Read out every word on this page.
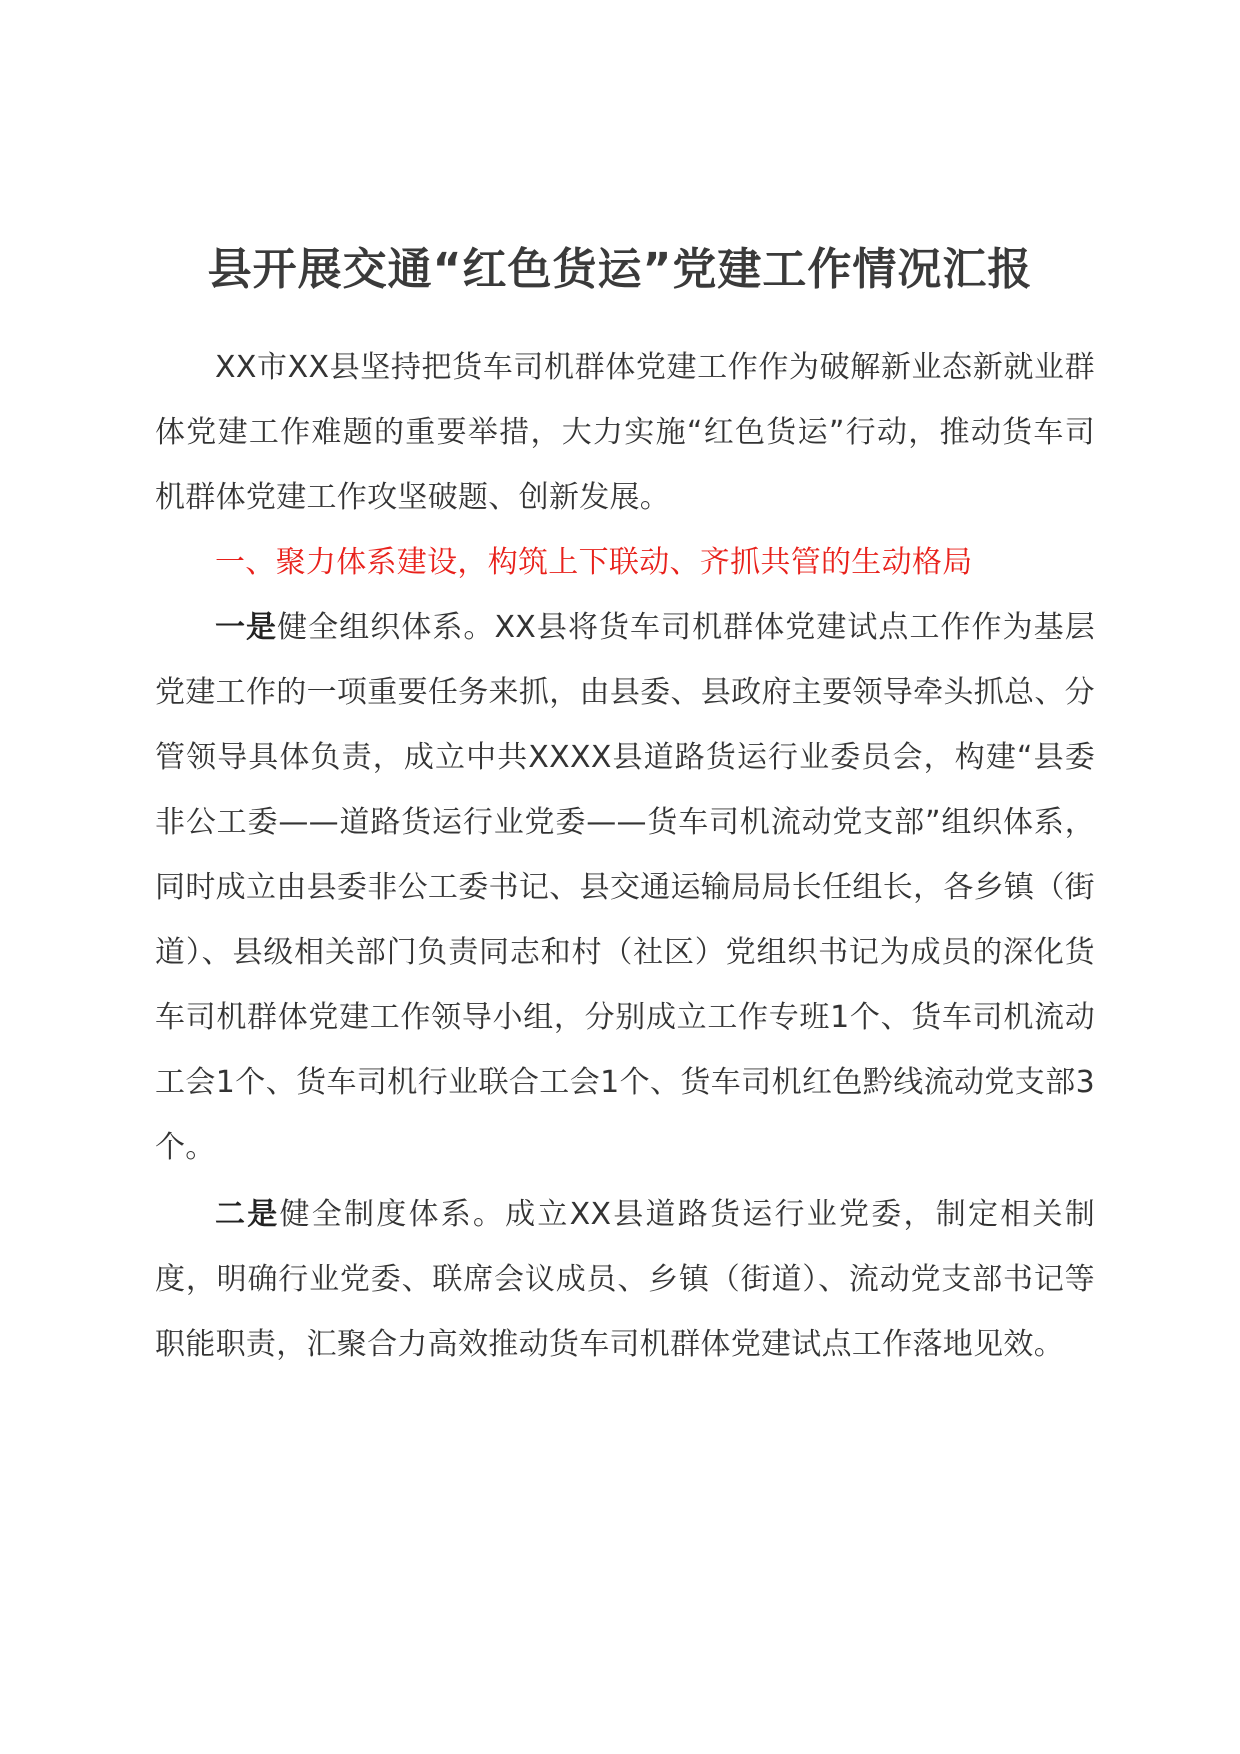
县开展交通“红色货运”党建工作情况汇报

XX市XX县坚持把货车司机群体党建工作作为破解新业态新就业群体党建工作难题的重要举措，大力实施“红色货运”行动，推动货车司机群体党建工作攻坚破题、创新发展。

一、聚力体系建设，构筑上下联动、齐抓共管的生动格局

一是健全组织体系。XX县将货车司机群体党建试点工作作为基层党建工作的一项重要任务来抓，由县委、县政府主要领导牵头抓总、分管领导具体负责，成立中共XXXX县道路货运行业委员会，构建“县委非公工委——道路货运行业党委——货车司机流动党支部”组织体系，同时成立由县委非公工委书记、县交通运输局局长任组长，各乡镇（街道）、县级相关部门负责同志和村（社区）党组织书记为成员的深化货车司机群体党建工作领导小组，分别成立工作专班1个、货车司机流动工会1个、货车司机行业联合工会1个、货车司机红色黔线流动党支部3个。

二是健全制度体系。成立XX县道路货运行业党委，制定相关制度，明确行业党委、联席会议成员、乡镇（街道）、流动党支部书记等职能职责，汇聚合力高效推动货车司机群体党建试点工作落地见效。
